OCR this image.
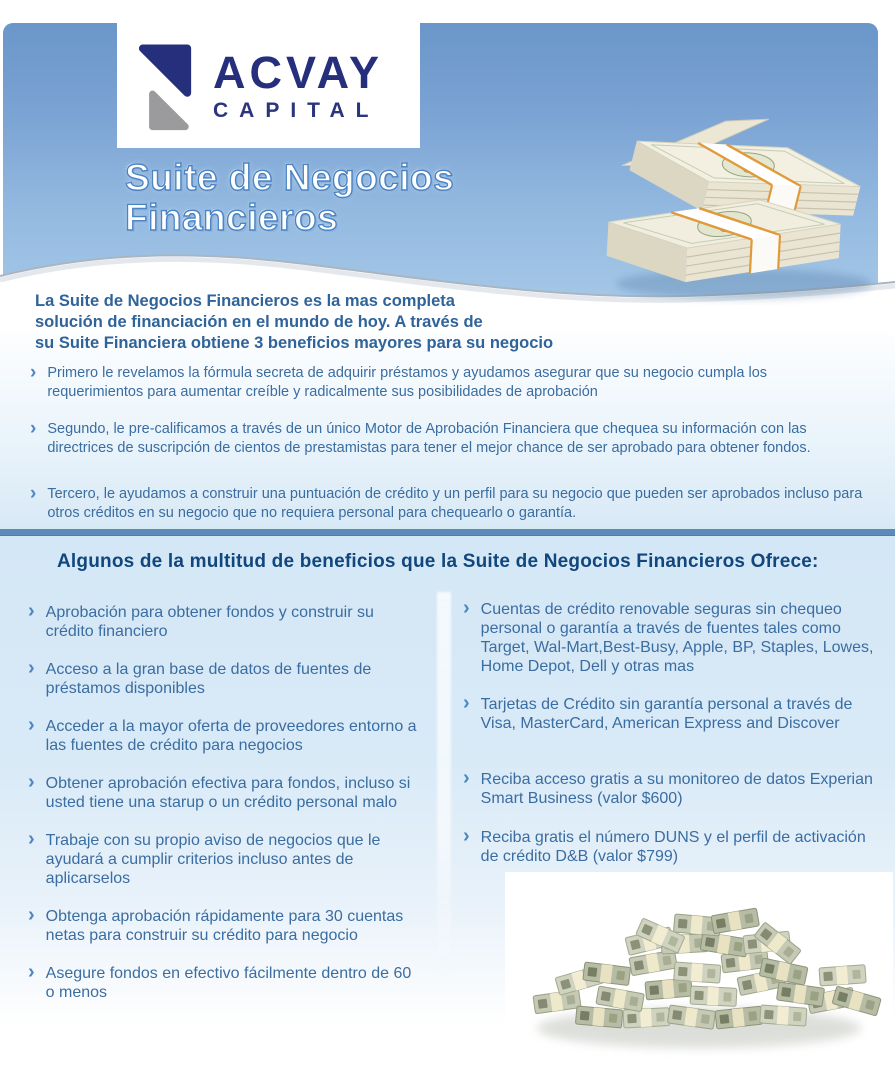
ACVAY
CAPITAL
Suite de Negocios
Financieros
La Suite de Negocios Financieros es la mas completa
solución de financiación en el mundo de hoy. A través de
su Suite Financiera obtiene 3 beneficios mayores para su negocio
› Primero le revelamos la fórmula secreta de adquirir préstamos y ayudamos asegurar que su negocio cumpla los requerimientos para aumentar creíble y radicalmente sus posibilidades de aprobación
› Segundo, le pre-calificamos a través de un único Motor de Aprobación Financiera que chequea su información con las directrices de suscripción de cientos de prestamistas para tener el mejor chance de ser aprobado para obtener fondos.
› Tercero, le ayudamos a construir una puntuación de crédito y un perfil para su negocio que pueden ser aprobados incluso para otros créditos en su negocio que no requiera personal para chequearlo o garantía.
Algunos de la multitud de beneficios que la Suite de Negocios Financieros Ofrece:
› Aprobación para obtener fondos y construir su crédito financiero
› Acceso a la gran base de datos de fuentes de préstamos disponibles
› Acceder a la mayor oferta de proveedores entorno a las fuentes de crédito para negocios
› Obtener aprobación efectiva para fondos, incluso si usted tiene una starup o un crédito personal malo
› Trabaje con su propio aviso de negocios que le ayudará a cumplir criterios incluso antes de aplicarselos
› Obtenga aprobación rápidamente para 30 cuentas netas para construir su crédito para negocio
› Asegure fondos en efectivo fácilmente dentro de 60 o menos
› Cuentas de crédito renovable seguras sin chequeo personal o garantía a través de fuentes tales como Target, Wal-Mart,Best-Busy, Apple, BP, Staples, Lowes, Home Depot, Dell y otras mas
› Tarjetas de Crédito sin garantía personal a través de Visa, MasterCard, American Express and Discover
› Reciba acceso gratis a su monitoreo de datos Experian Smart Business (valor $600)
› Reciba gratis el número DUNS y el perfil de activación de crédito D&B (valor $799)
